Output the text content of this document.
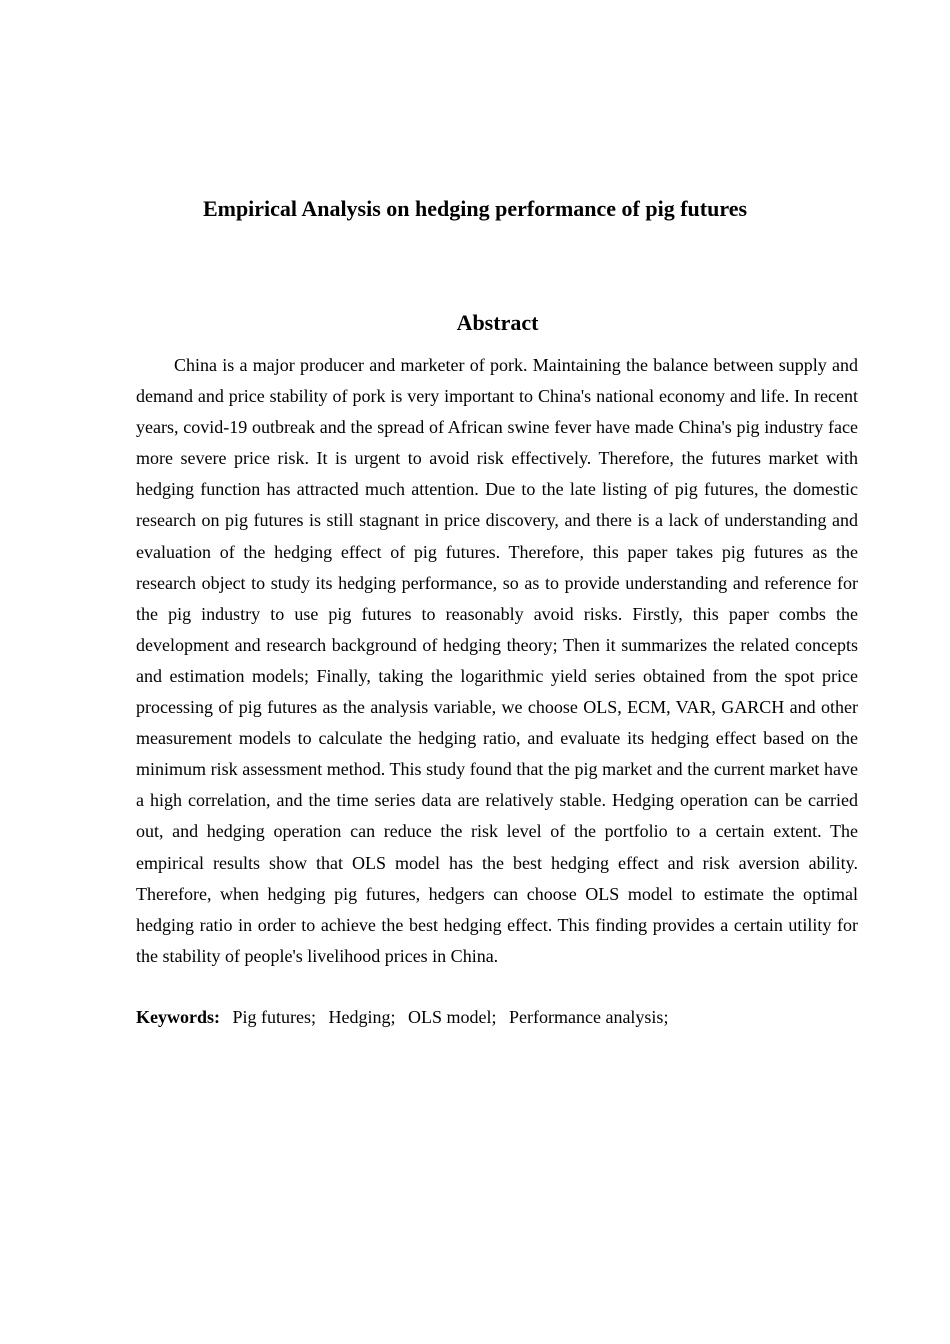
Empirical Analysis on hedging performance of pig futures
Abstract

China is a major producer and marketer of pork. Maintaining the balance between supply and demand and price stability of pork is very important to China's national economy and life. In recent years, covid-19 outbreak and the spread of African swine fever have made China's pig industry face more severe price risk. It is urgent to avoid risk effectively. Therefore, the futures market with hedging function has attracted much attention. Due to the late listing of pig futures, the domestic research on pig futures is still stagnant in price discovery, and there is a lack of understanding and evaluation of the hedging effect of pig futures. Therefore, this paper takes pig futures as the research object to study its hedging performance, so as to provide understanding and reference for the pig industry to use pig futures to reasonably avoid risks. Firstly, this paper combs the development and research background of hedging theory; Then it summarizes the related concepts and estimation models; Finally, taking the logarithmic yield series obtained from the spot price processing of pig futures as the analysis variable, we choose OLS, ECM, VAR, GARCH and other measurement models to calculate the hedging ratio, and evaluate its hedging effect based on the minimum risk assessment method. This study found that the pig market and the current market have a high correlation, and the time series data are relatively stable. Hedging operation can be carried out, and hedging operation can reduce the risk level of the portfolio to a certain extent. The empirical results show that OLS model has the best hedging effect and risk aversion ability. Therefore, when hedging pig futures, hedgers can choose OLS model to estimate the optimal hedging ratio in order to achieve the best hedging effect. This finding provides a certain utility for the stability of people's livelihood prices in China.

Keywords: Pig futures; Hedging; OLS model; Performance analysis;
